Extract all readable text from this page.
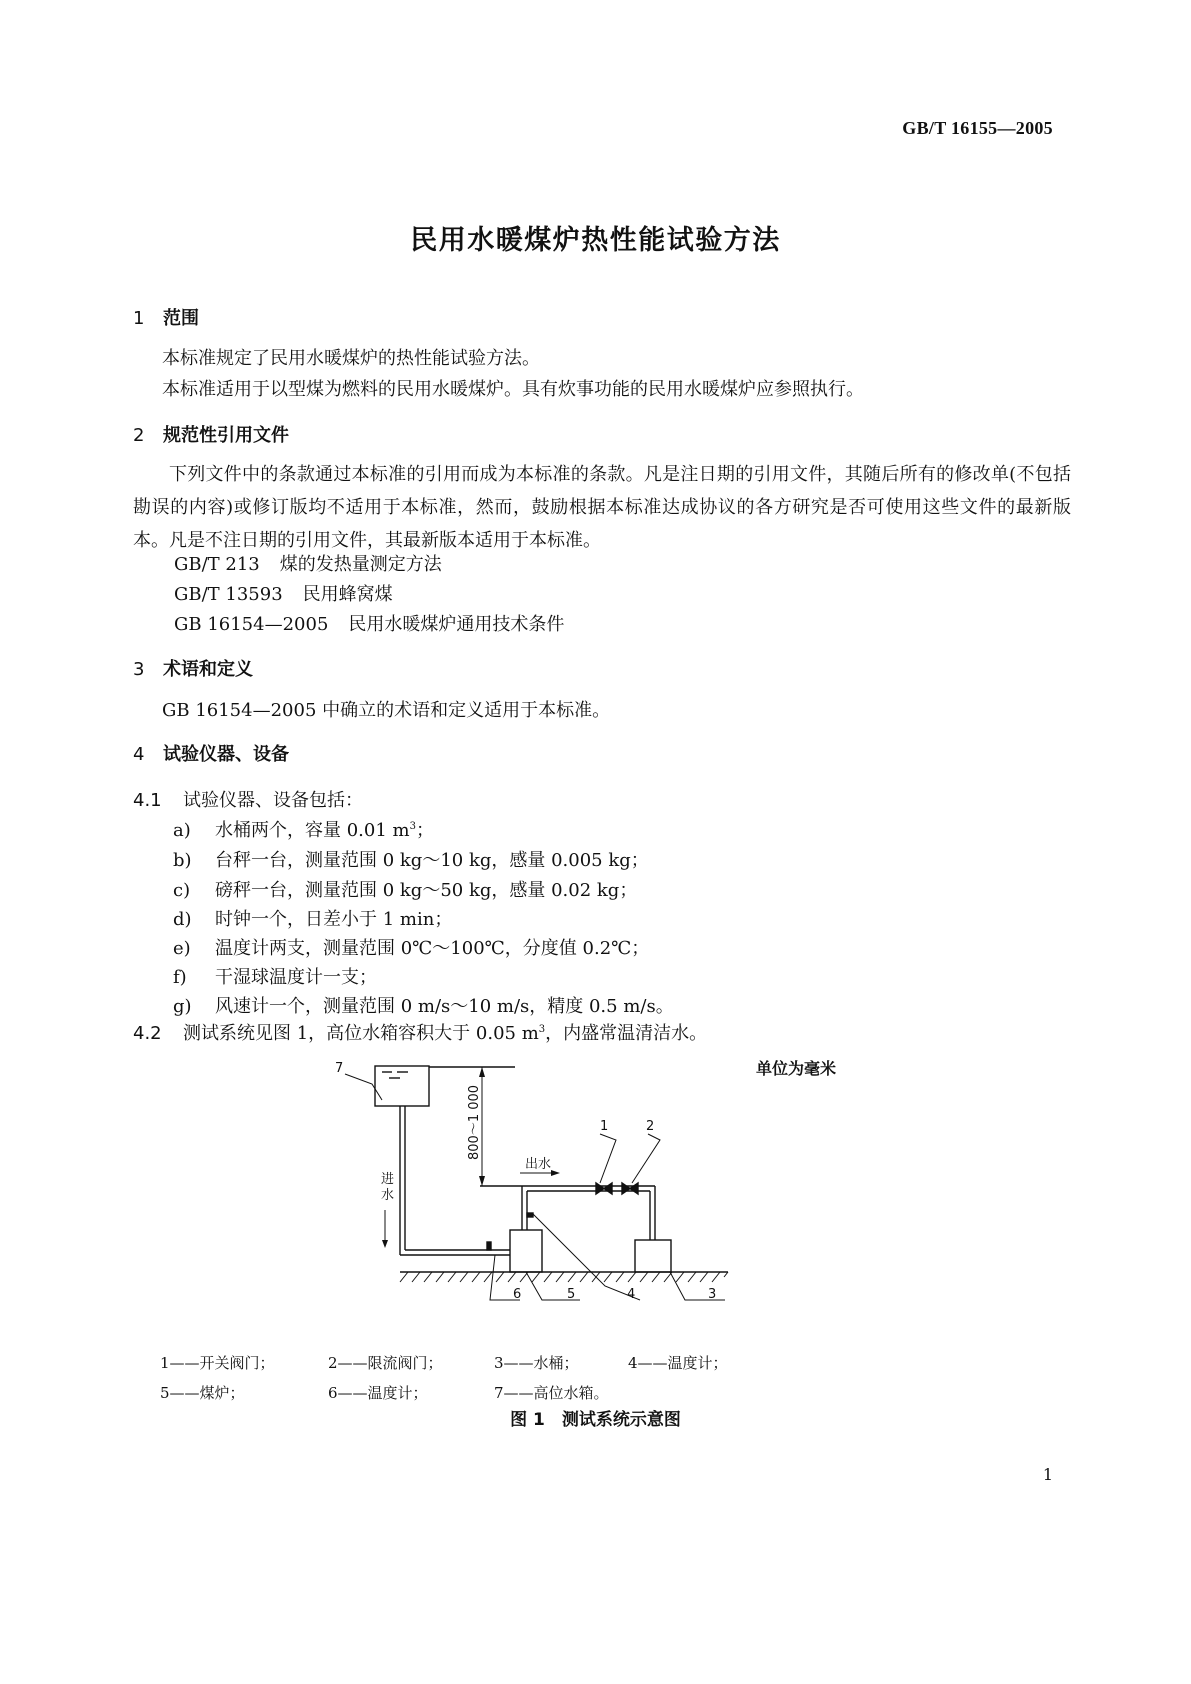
GB/T 16155—2005
民用水暖煤炉热性能试验方法
1 范围
本标准规定了民用水暖煤炉的热性能试验方法。
本标准适用于以型煤为燃料的民用水暖煤炉。具有炊事功能的民用水暖煤炉应参照执行。
2 规范性引用文件
下列文件中的条款通过本标准的引用而成为本标准的条款。凡是注日期的引用文件，其随后所有的修改单(不包括勘误的内容)或修订版均不适用于本标准，然而，鼓励根据本标准达成协议的各方研究是否可使用这些文件的最新版本。凡是不注日期的引用文件，其最新版本适用于本标准。
GB/T 213 煤的发热量测定方法
GB/T 13593 民用蜂窝煤
GB 16154—2005 民用水暖煤炉通用技术条件
3 术语和定义
GB 16154—2005 中确立的术语和定义适用于本标准。
4 试验仪器、设备
4.1 试验仪器、设备包括：
a) 水桶两个，容量 0.01 $m^3$；
b) 台秤一台，测量范围 0 kg～10 kg，感量 0.005 kg；
c) 磅秤一台，测量范围 0 kg～50 kg，感量 0.02 kg；
d) 时钟一个，日差小于 1 min；
e) 温度计两支，测量范围 0℃～100℃，分度值 0.2℃；
f) 干湿球温度计一支；
g) 风速计一个，测量范围 0 m/s～10 m/s，精度 0.5 m/s。
4.2 测试系统见图 1，高位水箱容积大于 0.05 $m^3$，内盛常温清洁水。
单位为毫米
7
1	2
3
4
5
6
出水
进
水
800～1 000
1——开关阀门；	2——限流阀门；	3——水桶；	4——温度计；
5——煤炉；	6——温度计；	7——高位水箱。
图 1　测试系统示意图
1
